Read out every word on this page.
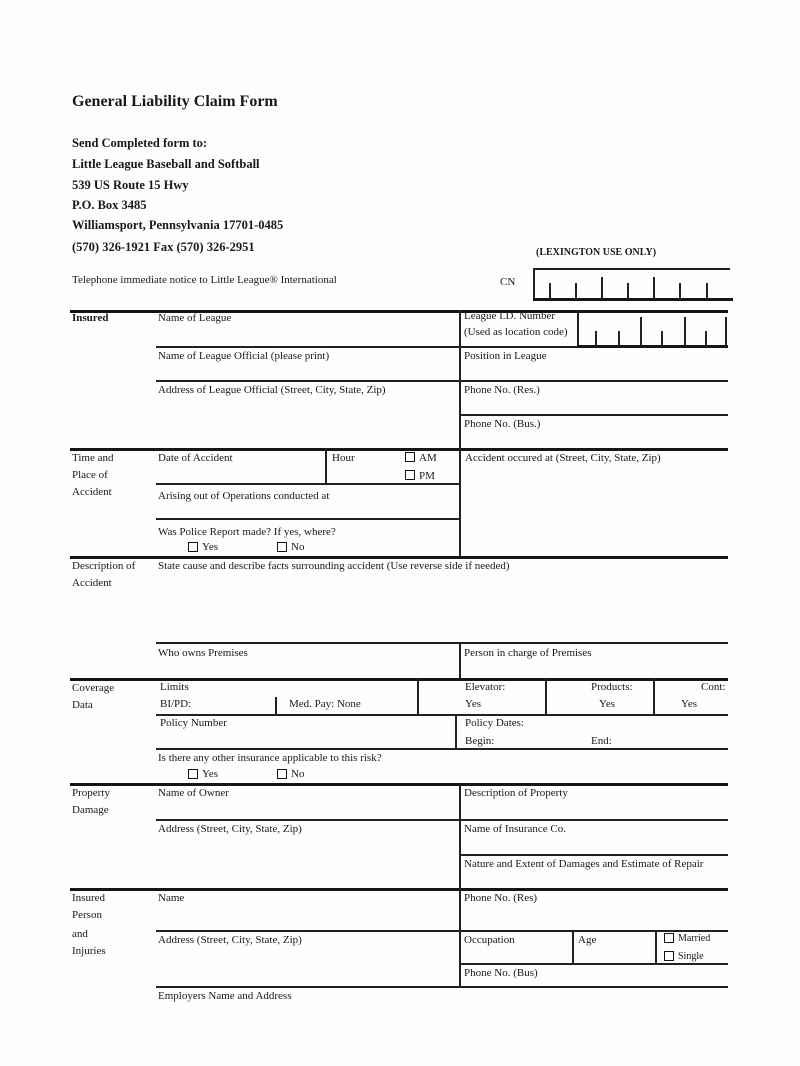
General Liability Claim Form
Send Completed form to:
Little League Baseball and Softball
539 US Route 15 Hwy
P.O. Box 3485
Williamsport, Pennsylvania 17701-0485
(570) 326-1921 Fax (570) 326-2951	(LEXINGTON USE ONLY)
Telephone immediate notice to Little League® International	CN
Insured	Name of League	League I.D. Number
(Used as location code)
Name of League Official (please print)	Position in League
Address of League Official (Street, City, State, Zip)	Phone No. (Res.)
Phone No. (Bus.)
Time and
Place of
Accident
Date of Accident	Hour	AM
PM
Accident occured at (Street, City, State, Zip)
Arising out of Operations conducted at
Was Police Report made? If yes, where?
Yes	No
Description of
Accident
State cause and describe facts surrounding accident (Use reverse side if needed)
Who owns Premises	Person in charge of Premises
Coverage
Data
Limits
BI/PD:	Med. Pay: None
Elevator:
Yes
Products:
Yes
Cont:
Yes
Policy Number	Policy Dates:
Begin:	End:
Is there any other insurance applicable to this risk?
Yes	No
Property
Damage
Name of Owner	Description of Property
Address (Street, City, State, Zip)	Name of Insurance Co.
Nature and Extent of Damages and Estimate of Repair
Insured
Person
and
Injuries
Name	Phone No. (Res)
Address (Street, City, State, Zip)	Occupation	Age	Married
Single
Phone No. (Bus)
Employers Name and Address
